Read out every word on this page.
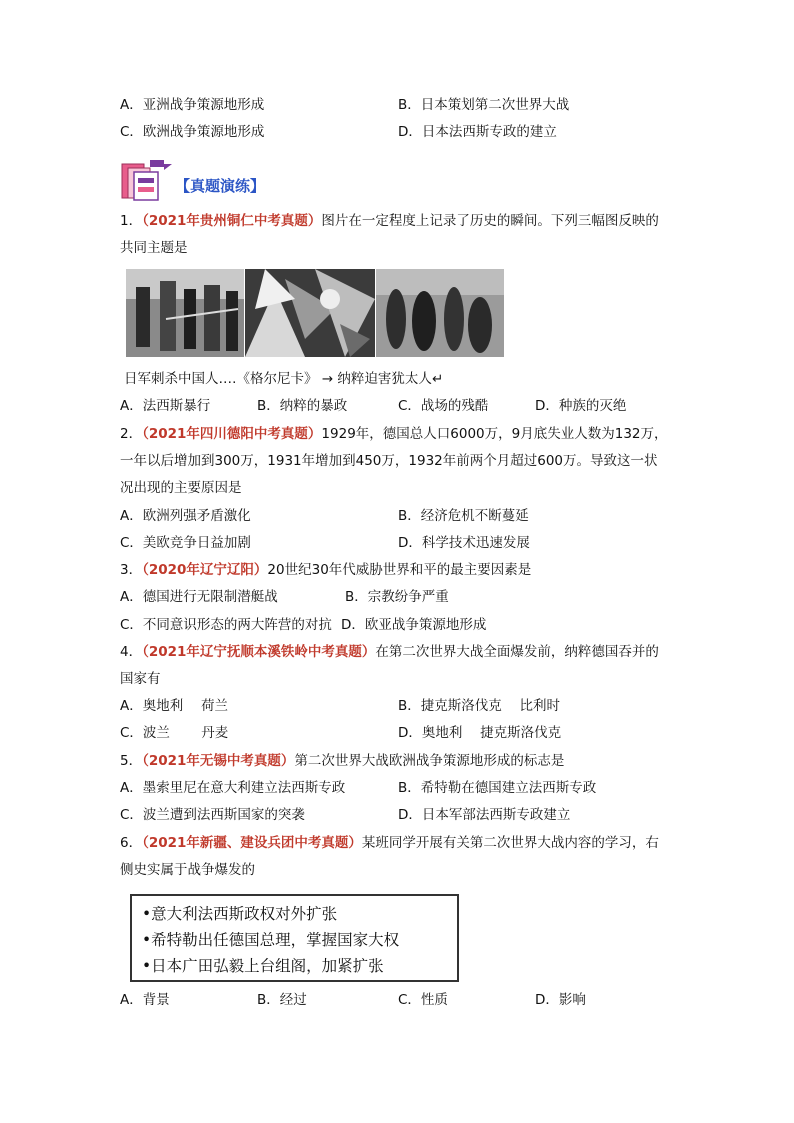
A．亚洲战争策源地形成	B．日本策划第二次世界大战
C．欧洲战争策源地形成	D．日本法西斯专政的建立
【真题演练】
1．（2021年贵州铜仁中考真题）图片在一定程度上记录了历史的瞬间。下列三幅图反映的
共同主题是
日军刺杀中国人‥‥《格尔尼卡》 → 纳粹迫害犹太人↵
A．法西斯暴行	B．纳粹的暴政	C．战场的残酷	D．种族的灭绝
2．（2021年四川德阳中考真题）1929年，德国总人口6000万，9月底失业人数为132万，
一年以后增加到300万，1931年增加到450万，1932年前两个月超过600万。导致这一状
况出现的主要原因是
A．欧洲列强矛盾激化	B．经济危机不断蔓延
C．美欧竞争日益加剧	D．科学技术迅速发展
3．（2020年辽宁辽阳）20世纪30年代威胁世界和平的最主要因素是
A．德国进行无限制潜艇战	B．宗教纷争严重
C．不同意识形态的两大阵营的对抗 D．欧亚战争策源地形成
4．（2021年辽宁抚顺本溪铁岭中考真题）在第二次世界大战全面爆发前，纳粹德国吞并的
国家有
A．奥地利　 荷兰	B．捷克斯洛伐克　 比利时
C．波兰　　 丹麦	D．奥地利　 捷克斯洛伐克
5．（2021年无锡中考真题）第二次世界大战欧洲战争策源地形成的标志是
A．墨索里尼在意大利建立法西斯专政	B．希特勒在德国建立法西斯专政
C．波兰遭到法西斯国家的突袭	D．日本军部法西斯专政建立
6．（2021年新疆、建设兵团中考真题）某班同学开展有关第二次世界大战内容的学习，右
侧史实属于战争爆发的
•意大利法西斯政权对外扩张
•希特勒出任德国总理，掌握国家大权
•日本广田弘毅上台组阁，加紧扩张
A．背景	B．经过	C．性质	D．影响
